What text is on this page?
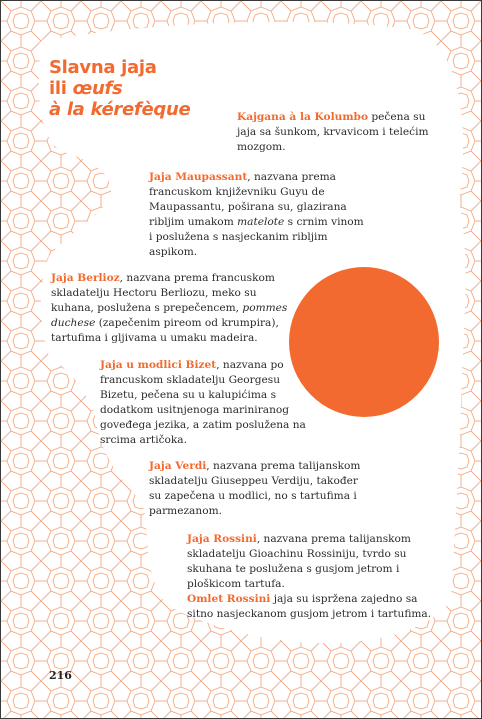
Slavna jaja
ili œufs
à la kérefèque	Kajgana à la Kolumbo pečena su
jaja sa šunkom, krvavicom i telećim
mozgom.

Jaja Maupassant, nazvana prema
francuskom književniku Guyu de
Maupassantu, poširana su, glazirana
ribljim umakom matelote s crnim vinom
i poslužena s nasjeckanim ribljim
aspikom.

Jaja Berlioz, nazvana prema francuskom
skladatelju Hectoru Berliozu, meko su
kuhana, poslužena s prepečencem, pommes
duchese (zapečenim pireom od krumpira),
tartufima i gljivama u umaku madeira.

Jaja u modlici Bizet, nazvana po
francuskom skladatelju Georgesu
Bizetu, pečena su u kalupićima s
dodatkom usitnjenoga mariniranog
goveđega jezika, a zatim poslužena na
srcima artičoka.

Jaja Verdi, nazvana prema talijanskom
skladatelju Giuseppeu Verdiju, također
su zapečena u modlici, no s tartufima i
parmezanom.

Jaja Rossini, nazvana prema talijanskom
skladatelju Gioachinu Rossiniju, tvrdo su
skuhana te poslužena s gusjom jetrom i
ploškicom tartufa.
Omlet Rossini jaja su ispržena zajedno sa
sitno nasjeckanom gusjom jetrom i tartufima.

216
